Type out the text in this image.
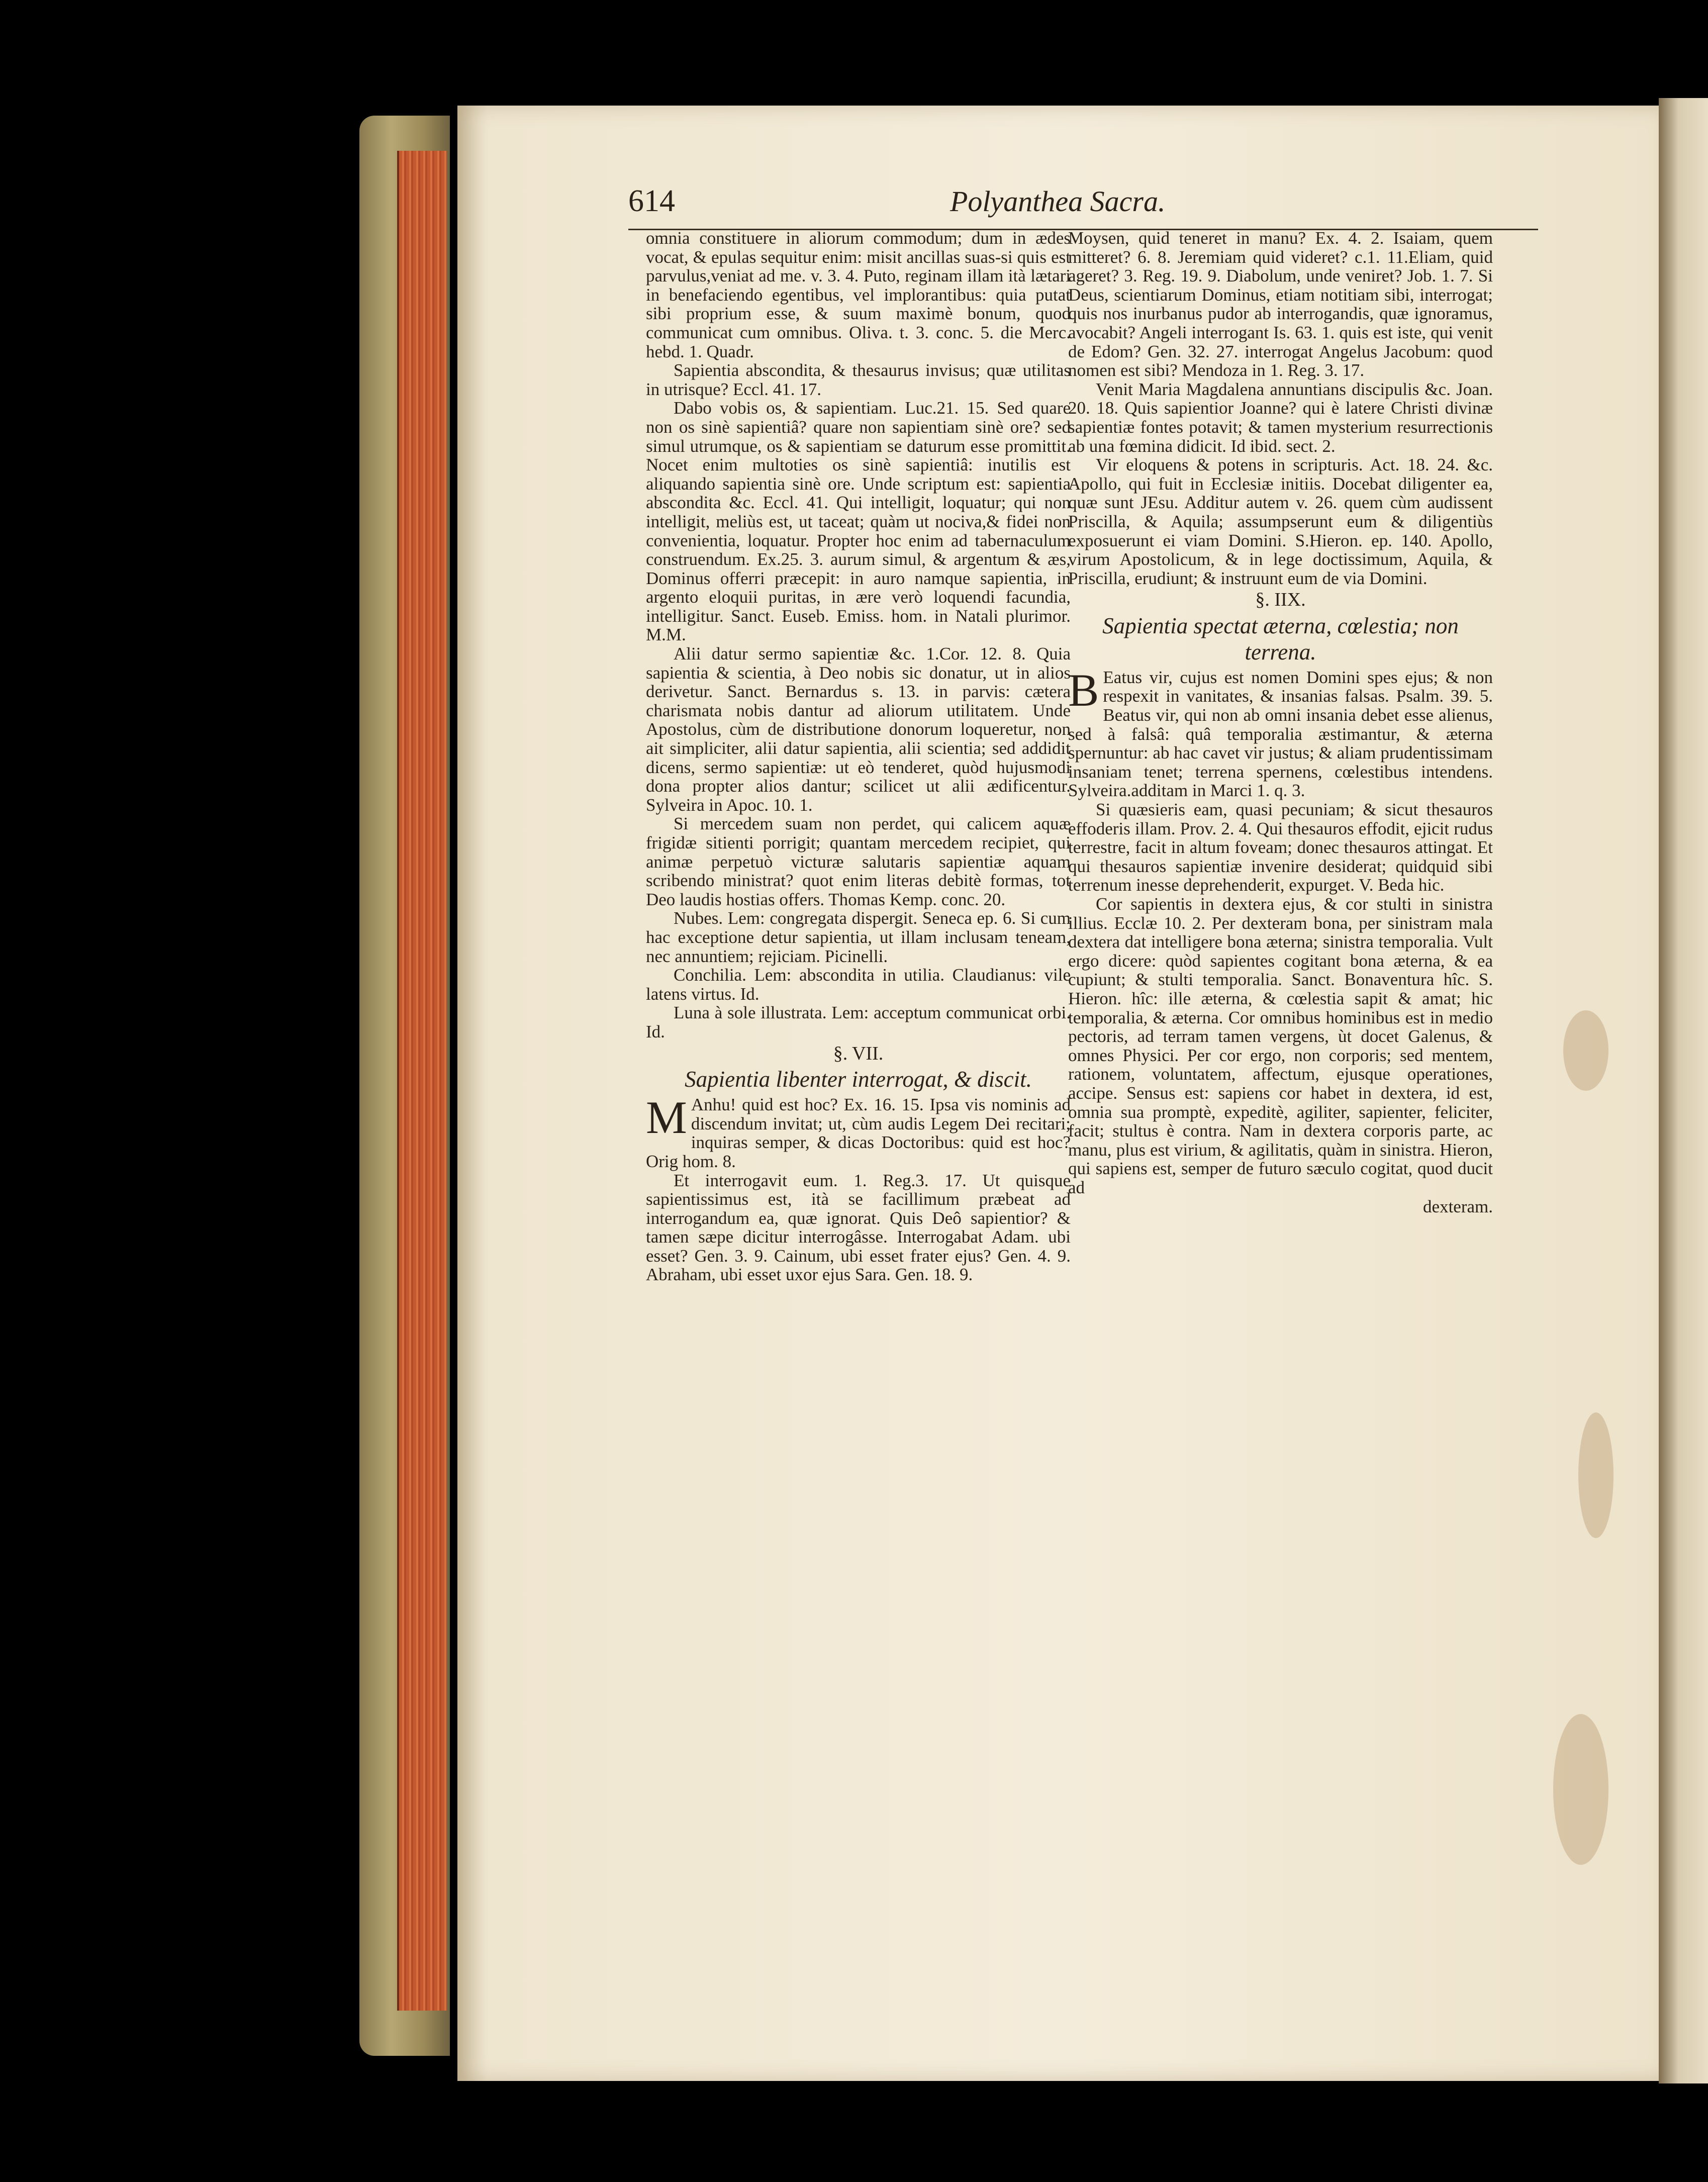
614	Polyanthea Sacra.

omnia constituere in aliorum commodum; dum in ædes vocat, & epulas sequitur enim: misit ancillas suas-si quis est parvulus,veniat ad me. v. 3. 4. Puto, reginam illam ità lætari in benefaciendo egentibus, vel implorantibus: quia putat sibi proprium esse, & suum maximè bonum, quod communicat cum omnibus. Oliva. t. 3. conc. 5. die Merc. hebd. 1. Quadr.

Sapientia abscondita, & thesaurus invisus; quæ utilitas in utrisque? Eccl. 41. 17.

Dabo vobis os, & sapientiam. Luc.21. 15. Sed quare non os sinè sapientiâ? quare non sapientiam sinè ore? sed simul utrumque, os & sapientiam se daturum esse promittit. Nocet enim multoties os sinè sapientiâ: inutilis est aliquando sapientia sinè ore. Unde scriptum est: sapientia abscondita &c. Eccl. 41. Qui intelligit, loquatur; qui non intelligit, meliùs est, ut taceat; quàm ut nociva,& fidei non convenientia, loquatur. Propter hoc enim ad tabernaculum construendum. Ex.25. 3. aurum simul, & argentum & æs, Dominus offerri præcepit: in auro namque sapientia, in argento eloquii puritas, in ære verò loquendi facundia, intelligitur. Sanct. Euseb. Emiss. hom. in Natali plurimor. M.M.

Alii datur sermo sapientiæ &c. 1.Cor. 12. 8. Quia sapientia & scientia, à Deo nobis sic donatur, ut in alios derivetur. Sanct. Bernardus s. 13. in parvis: cætera charismata nobis dantur ad aliorum utilitatem. Unde Apostolus, cùm de distributione donorum loqueretur, non ait simpliciter, alii datur sapientia, alii scientia; sed addidit dicens, sermo sapientiæ: ut eò tenderet, quòd hujusmodi dona propter alios dantur; scilicet ut alii ædificentur. Sylveira in Apoc. 10. 1.

Si mercedem suam non perdet, qui calicem aquæ frigidæ sitienti porrigit; quantam mercedem recipiet, qui animæ perpetuò victuræ salutaris sapientiæ aquam scribendo ministrat? quot enim literas debitè formas, tot Deo laudis hostias offers. Thomas Kemp. conc. 20.

Nubes. Lem: congregata dispergit. Seneca ep. 6. Si cum hac exceptione detur sapientia, ut illam inclusam teneam, nec annuntiem; rejiciam. Picinelli.

Conchilia. Lem: abscondita in utilia. Claudianus: vile latens virtus. Id.

Luna à sole illustrata. Lem: acceptum communicat orbi. Id.

§. VII.
Sapientia libenter interrogat, & discit.

M Anhu! quid est hoc? Ex. 16. 15. Ipsa vis nominis ad discendum invitat; ut, cùm audis Legem Dei recitari; inquiras semper, & dicas Doctoribus: quid est hoc? Orig hom. 8.

Et interrogavit eum. 1. Reg.3. 17. Ut quisque sapientissimus est, ità se facillimum præbeat ad interrogandum ea, quæ ignorat. Quis Deô sapientior? & tamen sæpe dicitur interrogâsse. Interrogabat Adam. ubi esset? Gen. 3. 9. Cainum, ubi esset frater ejus? Gen. 4. 9. Abraham, ubi esset uxor ejus Sara. Gen. 18. 9.

Moysen, quid teneret in manu? Ex. 4. 2. Isaiam, quem mitteret? 6. 8. Jeremiam quid videret? c.1. 11.Eliam, quid ageret? 3. Reg. 19. 9. Diabolum, unde veniret? Job. 1. 7. Si Deus, scientiarum Dominus, etiam notitiam sibi, interrogat; quis nos inurbanus pudor ab interrogandis, quæ ignoramus, avocabit? Angeli interrogant Is. 63. 1. quis est iste, qui venit de Edom? Gen. 32. 27. interrogat Angelus Jacobum: quod nomen est sibi? Mendoza in 1. Reg. 3. 17.

Venit Maria Magdalena annuntians discipulis &c. Joan. 20. 18. Quis sapientior Joanne? qui è latere Christi divinæ sapientiæ fontes potavit; & tamen mysterium resurrectionis ab una fœmina didicit. Id ibid. sect. 2.

Vir eloquens & potens in scripturis. Act. 18. 24. &c. Apollo, qui fuit in Ecclesiæ initiis. Docebat diligenter ea, quæ sunt JEsu. Additur autem v. 26. quem cùm audissent Priscilla, & Aquila; assumpserunt eum & diligentiùs exposuerunt ei viam Domini. S.Hieron. ep. 140. Apollo, virum Apostolicum, & in lege doctissimum, Aquila, & Priscilla, erudiunt; & instruunt eum de via Domini.

§. IIX.
Sapientia spectat æterna, cœlestia; non terrena.

B Eatus vir, cujus est nomen Domini spes ejus; & non respexit in vanitates, & insanias falsas. Psalm. 39. 5. Beatus vir, qui non ab omni insania debet esse alienus, sed à falsâ: quâ temporalia æstimantur, & æterna spernuntur: ab hac cavet vir justus; & aliam prudentissimam insaniam tenet; terrena spernens, cœlestibus intendens. Sylveira.additam in Marci 1. q. 3.

Si quæsieris eam, quasi pecuniam; & sicut thesauros effoderis illam. Prov. 2. 4. Qui thesauros effodit, ejicit rudus terrestre, facit in altum foveam; donec thesauros attingat. Et qui thesauros sapientiæ invenire desiderat; quidquid sibi terrenum inesse deprehenderit, expurget. V. Beda hic.

Cor sapientis in dextera ejus, & cor stulti in sinistra illius. Ecclæ 10. 2. Per dexteram bona, per sinistram mala dextera dat intelligere bona æterna; sinistra temporalia. Vult ergo dicere: quòd sapientes cogitant bona æterna, & ea cupiunt; & stulti temporalia. Sanct. Bonaventura hîc. S. Hieron. hîc: ille æterna, & cœlestia sapit & amat; hic temporalia, & æterna. Cor omnibus hominibus est in medio pectoris, ad terram tamen vergens, ùt docet Galenus, & omnes Physici. Per cor ergo, non corporis; sed mentem, rationem, voluntatem, affectum, ejusque operationes, accipe. Sensus est: sapiens cor habet in dextera, id est, omnia sua promptè, expeditè, agiliter, sapienter, feliciter, facit; stultus è contra. Nam in dextera corporis parte, ac manu, plus est virium, & agilitatis, quàm in sinistra. Hieron, qui sapiens est, semper de futuro sæculo cogitat, quod ducit ad

dexteram.
